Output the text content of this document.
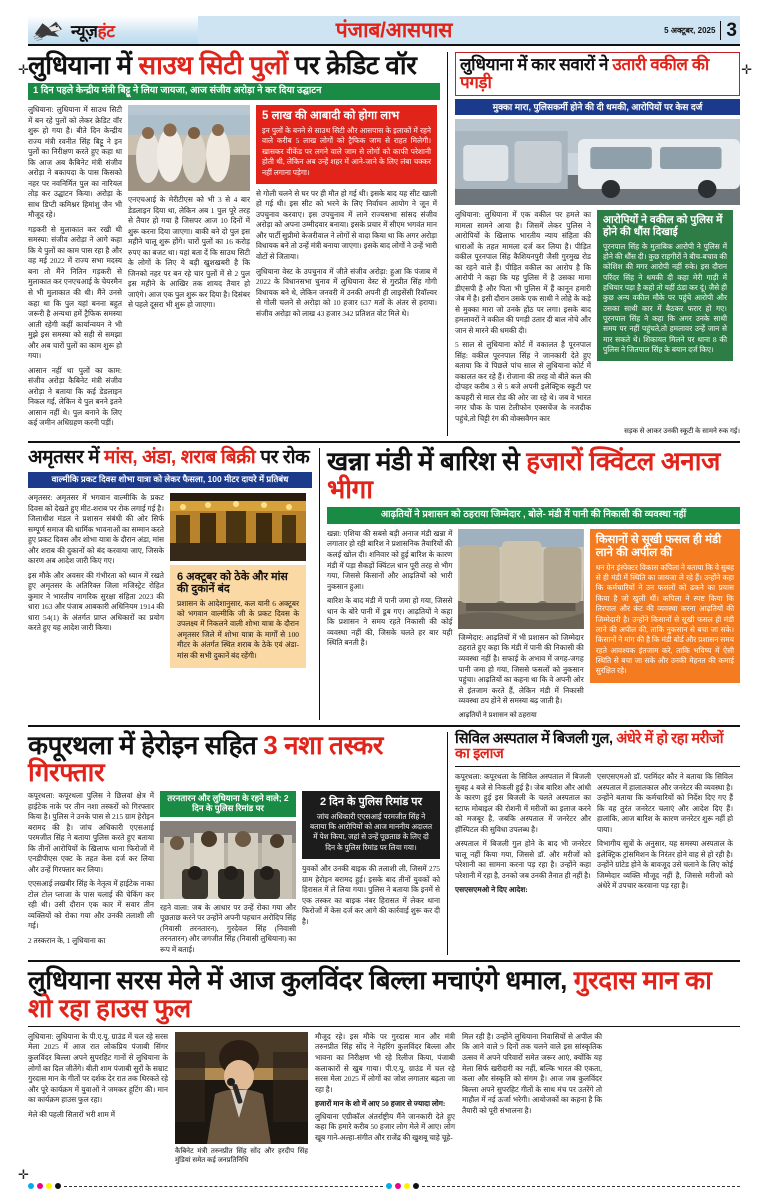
✛	✛
✛
न्यूज़हंट	पंजाब/आसपास	5 अक्टूबर, 2025 3
लुधियाना में साउथ सिटी पुलों पर क्रेडिट वॉर
1 दिन पहले केन्द्रीय मंत्री बिट्टू ने लिया जायजा, आज संजीव अरोड़ा ने कर दिया उद्घाटन

लुधियाना: लुधियाना में साउथ सिटी में बन रहे पुलों को लेकर क्रेडिट वॉर शुरू हो गया है। बीते दिन केन्द्रीय राज्य मंत्री रवनीत सिंह बिट्टू ने इन पुलों का निरीक्षण करते हुए कहा था कि आज अब कैबिनेट मंत्री संजीव अरोड़ा ने बकायदा के पास किसको नहर पर नवनिर्मित पुल का नारियल तोड़ कर उद्घाटन किया। अरोड़ा के साथ डिप्टी कमिश्नर हिमांशु जैन भी मौजूद रहे।

गड़करी से मुलाकात कर रखी थी समस्या: संजीव अरोड़ा ने आगे कहा कि ये पुलों का काम पास रहा है और वह मई 2022 में राज्य सभा मदस्य बना तो मैंने नितिन गड़करी से मुलाकात कर एनएचआई के चेयरमैन से भी मुलाकात की थी। मैंने उनसे कहा था कि पुल यहां बनना बहुत जरूरी है अन्यथा हमें ट्रैफिक समस्या आती रहेगी कहीं कार्यान्वयन ने भी मुझे इस समस्या को सही से समझा और अब चारों पुलों का काम शुरू हो गया।

आसान नहीं था पुलों का काम: संजीव अरोड़ा कैबिनेट मंत्री संजीव अरोड़ा ने बताया कि कई डेडलाइन निकल गई, लेकिन ये पुल बनने इतने आसान नहीं थे। पुल बनाने के लिए कई जमीन अधिग्रहण करनी पड़ीं।

एनएचआई के मेरीटीएस को भी 3 से 4 बार डेडलाइन दिया था, लेकिन अब 1 पुल पूरे तरह से तैयार हो गया है जिसपर आज 10 दिनों में शुरू करना दिया जाएगा। बाकी बने दो पुल इस महीने चालू शुरू होंगे। चारों पुलों का 16 करोड़ रुपए का बजट था। यहां बता दें कि साउथ सिटी के लोगों के लिए ये बड़ी खुशखबरी है कि जिनको नहर पर बन रहे चार पुलों में से 2 पुल इस महीने के आखिर तक शायद तैयार हो जाएंगे। आज एक पुल शुरू कर दिया है। दिसंबर से पहले दूसरा भी शुरू हो जाएगा।

5 लाख की आबादी को होगा लाभ
इन पुलों के बनने से साउथ सिटी और आसपास के इलाकों में रहने वाले करीब 5 लाख लोगों को ट्रैफिक जाम से राहत मिलेगी। खासकर वीकेंड पर लगने वाले जाम से लोगों को काफी परेशानी होती थी, लेकिन अब उन्हें शहर में आने-जाने के लिए लंबा चक्कर नहीं लगाना पड़ेगा।

से गोली चलने से घर पर ही मौत हो गई थी। इसके बाद यह सीट खाली हो गई थी। इस सीट को भरने के लिए निर्वाचन आयोग ने जून में उपचुनाव करवाए। इस उपचुनाव में लाने राज्यसभा सांसद संजीव अरोड़ा को अपना उम्मीदवार बनाया। इसके प्रचार में सीएम भगवंत मान और पार्टी सुप्रीमो केजरीवाल ने लोगों से वादा किया था कि अगर अरोड़ा विधायक बने तो उन्हें मंत्री बनाया जाएगा। इसके बाद लोगों ने उन्हें भारी वोटों से जिताया।

लुधियाना वेस्ट के उपचुनाव में जीते संजीव अरोड़ा: हुआ कि पंजाब में 2022 के विधानसभा चुनाव में लुधियाना वेस्ट से गुरप्रीत सिंह गोगी विधायक बने थे, लेकिन जनवरी में उनकी अपनी ही लाइसेंसी रिवॉल्वर से गोली चलने से अरोड़ा को 10 हजार 637 मतों के अंतर से हराया। संजीव अरोड़ा को लाख 43 हजार 342 प्रतिशत वोट मिले थे।

लुधियाना में कार सवारों ने उतारी वकील की पगड़ी
मुक्का मारा, पुलिसकर्मी होने की दी धमकी, आरोपियों पर केस दर्ज

लुधियाना: लुधियाना में एक वकील पर हमले का मामला सामने आया है। जिसमें लेकर पुलिस ने आरोपियों के खिलाफ भारतीय न्याय संहिता की धाराओं के तहत मामला दर्ज कर लिया है। पीड़ित वकील पूरनपाल सिंह कैशियनपुरी जैसी गुरमुख रोड का रहने वाले हैं। पीड़ित वकील का आरोप है कि आरोपी ने कहा कि यह पुलिस में है उसका मामा डीएसपी है और पिता भी पुलिस में हैं कानून हमारी जेब में है। इसी दौरान उसके एक साथी ने लोहे के कड़े से मुक्का मारा जो उनके होंठ पर लगा। इसके बाद हमलावरों ने वकील की पगड़ी उतार दी बाल नोचे और जान से मारने की धमकी दी।

5 साल से लुधियाना कोर्ट में वकालत है पूरनपाल सिंह: वकील पूरनपाल सिंह ने जानकारी देते हुए बताया कि वे पिछले पांच साल से लुधियाना कोर्ट में वकालत कर रहे हैं। रोजाना की तरह वो बीते कल की दोपहर करीब 3 से 5 बजे अपनी इलेक्ट्रिक स्कूटी पर कचहरी से माल रोड की ओर जा रहे थे। जब वे भारत नगर चौक के पास टेलीफोन एक्सचेंज के नजदीक पहुंचे,तो चिट्टी रंग की वोक्सवैगन कार

आरोपियों ने वकील को पुलिस में होने की धौंस दिखाई
पूरनपाल सिंह के मुताबिक आरोपी ने पुलिस में होने की धौंस दी। कुछ राहगीरों ने बीच-बचाव की कोशिश की मगर आरोपी नहीं रुके। इस दौरान परिंदर सिंह ने धमकी दी कहा मेरी गाड़ी में हथियार पड़ा है कहो तो यहीं ठंडा कर दूं। जैसे ही कुछ अन्य वकील मौके पर पहुंचे आरोपी और उसका साथी कार में बैठकर फरार हो गए। पूरनपाल सिंह ने कहा कि अगर उनके साथी समय पर नहीं पहुंचते,तो हमलावर उन्हें जान से मार सकते थे। शिकायत मिलने पर थाना 8 की पुलिस ने जितपाल सिंह के बयान दर्ज किए।

सड़क से आकर उनकी स्कूटी के सामने रुक गई।

अमृतसर में मांस, अंडा, शराब बिक्री पर रोक
वाल्मीकि प्रकट दिवस शोभा यात्रा को लेकर फैसला, 100 मीटर दायरे में प्रतिबंध

अमृतसर: अमृतसर में भगवान वाल्मीकि के प्रकट दिवस को देखते हुए मीट-शराब पर रोक लगाई गई है। जिलाधीश मंडल ने प्रशासन संबंधी की ओर सिर्फ सम्पूर्ण समाज की धार्मिक भावनाओं का सम्मान करते हुए प्रकट दिवस और शोभा यात्रा के दौरान अंडा, मांस और शराब की दुकानों को बंद करवाया जाए, जिसके कारण अब आदेश जारी किए गए।

इस मौके और अवसर की गंभीरता को ध्यान में रखते हुए अमृतसर के अतिरिक्त जिला मजिस्ट्रेट रोहित कुमार ने भारतीय नागरिक सुरक्षा संहिता 2023 की धारा 163 और पंजाब आबकारी अधिनियम 1914 की धारा 54(1) के अंतर्गत प्राप्त अधिकारों का प्रयोग करते हुए यह आदेश जारी किया।

6 अक्टूबर को ठेके और मांस की दुकानें बंद
प्रशासन के आदेशानुसार, कल यानी 6 अक्टूबर को भगवान वाल्मीकि जी के प्रकट दिवस के उपलक्ष्य में निकलने वाली शोभा यात्रा के दौरान अमृतसर जिले में शोभा यात्रा के मार्गों से 100 मीटर के अंतर्गत स्थित शराब के ठेके एवं अंडा-मांस की सभी दुकानें बंद रहेंगी।
खन्ना मंडी में बारिश से हजारों क्विंटल अनाज भीगा
आढ़तियों ने प्रशासन को ठहराया जिम्मेदार , बोले- मंडी में पानी की निकासी की व्यवस्था नहीं

खन्ना: एशिया की सबसे बड़ी अनाज मंडी खन्ना में लगातार हो रही बारिश ने प्रशासनिक तैयारियों की कलई खोल दी। शनिवार को हुई बारिश के कारण मंडी में पड़ा सैकड़ों क्विंटल धान पूरी तरह से भीग गया, जिससे किसानों और आढ़तियों को भारी नुकसान हुआ।

बारिश के बाद मंडी में पानी जमा हो गया, जिससे धान के बोरे पानी में डूब गए। आढ़तियों ने कहा कि प्रशासन ने समय रहते निकासी की कोई व्यवस्था नहीं की, जिसके चलते हर बार यही स्थिति बनती है।

जिम्मेदार: आढ़तियों में भी प्रशासन को जिम्मेदार ठहराते हुए कहा कि मंडी में पानी की निकासी की व्यवस्था नहीं है। सफाई के अभाव में जगह-जगह पानी जमा हो गया, जिससे फसलों को नुकसान पहुंचा। आढ़तियों का कहना था कि वे अपनी ओर से इंतजाम करते हैं, लेकिन मंडी में निकासी व्यवस्था ठप होने से समस्या बढ़ जाती है।

आढ़तियों ने प्रशासन को ठहराया

किसानों से सूखी फसल ही मंडी लाने की अपील की
धन ग्रेन इंस्पेक्टर विकास कपिला ने बताया कि वे सुबह से ही मंडी में स्थिति का जायजा ले रहे हैं। उन्होंने कहा कि कर्मचारियों ने उन फसलों को ढकने का प्रयास किया है जो खुली थीं। कपिला ने स्पष्ट किया कि तिरपाल और कंट की व्यवस्था करना आढ़तियों की जिम्मेदारी है। उन्होंने किसानों से सूखी फसल ही मंडी लाने की अपील की, ताकि नुकसान से बचा जा सके। किसानों ने मांग की है कि मंडी बोर्ड और प्रशासन समय रहते आवश्यक इंतजाम करे, ताकि भविष्य में ऐसी स्थिति से बचा जा सके और उनकी मेहनत की कमाई सुरक्षित रहे।
कपूरथला में हेरोइन सहित 3 नशा तस्कर गिरफ्तार

कपूरथला: कपूरथला पुलिस ने छिलवां क्षेत्र में हाईटेक नाके पर तीन नशा तस्करों को गिरफ्तार किया है। पुलिस ने उनके पास से 215 ग्राम हेरोइन बरामद की है। जांच अधिकारी एएसआई परमजीत सिंह ने बताया पुलिस करते हुए बताया कि तीनों आरोपियों के खिलाफ थाना फिरोजों में एनडीपीएस एक्ट के तहत केस दर्ज कर लिया और उन्हें गिरफ्तार कर लिया।

एएसआई लखबीर सिंह के नेतृत्व में हाईटेक नाका टोल टोल प्लाजा के पास चलाई की चेकिंग कर रही थी। उसी दौरान एक कार में सवार तीन व्यक्तियों को रोका गया और उनकी तलाशी ली गई।

2 तस्करान के, 1 लुधियाना का

तरनतारन और लुधियाना के रहने वाले; 2 दिन के पुलिस रिमांड पर

रहने वाला: जब के आधार पर उन्हें रोका गया और पूछताछ करने पर उन्होंने अपनी पहचान अरोदिप सिंह (निवासी तरनतारन), गुरदेवल सिंह (निवासी तरनतारन) और जगजीत सिंह (निवासी लुधियाना) का रूप में बताई।

2 दिन के पुलिस रिमांड पर
जांच अधिकारी एएसआई परमजीत सिंह ने बताया कि आरोपियों को आज माननीय अदालत में पेश किया, जहां से उन्हें पूछताछ के लिए दो दिन के पुलिस रिमांड पर लिया गया।

युवकों और उनकी बाइक की तलाशी ली, जिसमें 275 ग्राम हेरोइन बरामद हुई। इसके बाद तीनों युवकों को हिरासत में ले लिया गया। पुलिस ने बताया कि इनमें से एक तस्कर का बाइक नंबर हिरासत में लेकर थाना फिरोजों में केस दर्ज कर आगे की कार्रवाई शुरू कर दी है।

सिविल अस्पताल में बिजली गुल, अंधेरे में हो रहा मरीजों का इलाज

कपूरथला: कपूरथला के सिविल अस्पताल में बिजली सुबह 4 बजे से निकली हुई है। जेब बारिश और आंधी के कारण हुई इस बिजली के चलते अस्पताल का स्टाफ मोबाइल की रोशनी में मरीजों का इलाज करने को मजबूर है, जबकि अस्पताल में जनरेटर और हॉस्पिटल की सुविधा उपलब्ध है।

अस्पताल में बिजली गुल होने के बाद भी जनरेटर चालू नहीं किया गया, जिससे डॉ. और मरीजों को परेशानी का सामना करना पड़ रहा है। उन्होंने कहा परेशानी में रहा है, उनको जब उनकी तैनात ही नहीं है।

एसएसएमओ ने दिए आदेश:

एसएसएमओ डॉ. परमिंदर कौर ने बताया कि सिविल अस्पताल में हालातकाल और जनरेटर की व्यवस्था है। उन्होंने बताया कि कर्मचारियों को निर्देश दिए गए हैं कि वह तुरंत जनरेटर चलाएं और आदेश दिए हैं। हालांकि, आज बारिश के कारण जनरेटर शुरू नहीं हो पाया।

विभागीय सूत्रों के अनुसार, यह समस्या अस्पताल के इलेक्ट्रिक ट्रांसमिशन के निरंतर होने वाह से हो रही है। उन्होंने ग्रांटेड होने के बावजूद उसे चलाने के लिए कोई जिम्मेदार व्यक्ति मौजूद नहीं है, जिससे मरीजों को अंधेरे में उपचार करवाना पड़ रहा है।

लुधियाना सरस मेले में आज कुलविंदर बिल्ला मचाएंगे धमाल, गुरदास मान का शो रहा हाउस फुल

लुधियाना: लुधियाना के पी.ए.यू. ग्राउंड में चल रहे सरस मेला 2025 में आज रात लोकप्रिय पंजाबी सिंगर कुलविंदर बिल्ला अपने सुपरहिट गानों से लुधियाना के लोगों का दिल जीतेंगे। बीती शाम पंजाबी सुरों के सम्राट गुरदास मान के गीतों पर दर्शक देर रात तक थिरकते रहे और पूरे कार्यक्रम में युवाओं ने जमकर हूटिंग की। मान का कार्यक्रम हाउस फुल रहा।

मेले की पहली सितारों भरी शाम में

कैबिनेट मंत्री तरुनप्रीत सिंह सोंद और हरदीप सिंह मुंडियां समेत कई जनप्रतिनिधि

मौजूद रहे। इस मौके पर गुरदास मान और मंत्री तरुनप्रीत सिंह सोंद ने नेहरिंग कुलविंदर बिल्ला और भावना का निरीक्षण भी रहे रिलीज किया, पंजाबी कलाकारों से खुब गाया। पी.ए.यू. ग्राउंड में चल रहे सरस मेला 2025 में लोगों का जोश लगातार बढ़ता जा रहा है।

हजारों मान के शो में आए 50 हजार से ज्यादा लोग:

लुधियाना एग्रीकॉल अंतर्राष्ट्रीय मैंने जानकारी देते हुए कहा कि हमारे करीब 50 हजार लोग मेले में आए। लोग खूब गाने-अल्हा-संगीत और राजेंद्र की खुशबू चाहे चूहे-

मिल रही है। उन्होंने लुधियाना निवासियों से अपील की कि आने वाले 9 दिनों तक चलने वाले इस सांस्कृतिक उत्सव में अपने परिवारों समेत जरूर आएं, क्योंकि यह मेला सिर्फ खरीदारी का नहीं, बल्कि भारत की एकता, कला और संस्कृति को संगम है। आज जब कुलविंदर बिल्ला अपने सुपरहिट गीतों के साथ मंच पर उतरेंगे तो माहौल में नई ऊर्जा भरेगी। आयोजकों का कहना है कि तैयारी को पूरी संभालना है।
